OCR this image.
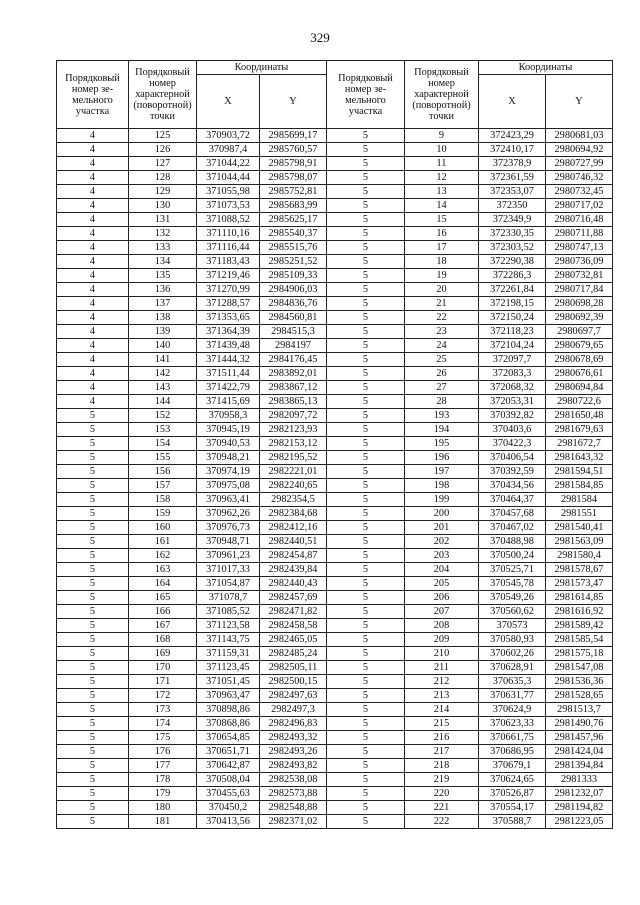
329
Порядковый номер зе-мельного участка	Порядковый номер характерной (поворотной) точки	Координаты		Порядковый номер зе-мельного участка	Порядковый номер характерной (поворотной) точки	Координаты	
		X	Y			X	Y
4	125	370903,72	2985699,17	5	9	372423,29	2980681,03
4	126	370987,4	2985760,57	5	10	372410,17	2980694,92
4	127	371044,22	2985798,91	5	11	372378,9	2980727,99
4	128	371044,44	2985798,07	5	12	372361,59	2980746,32
4	129	371055,98	2985752,81	5	13	372353,07	2980732,45
4	130	371073,53	2985683,99	5	14	372350	2980717,02
4	131	371088,52	2985625,17	5	15	372349,9	2980716,48
4	132	371110,16	2985540,37	5	16	372330,35	2980711,88
4	133	371116,44	2985515,76	5	17	372303,52	2980747,13
4	134	371183,43	2985251,52	5	18	372290,38	2980736,09
4	135	371219,46	2985109,33	5	19	372286,3	2980732,81
4	136	371270,99	2984906,03	5	20	372261,84	2980717,84
4	137	371288,57	2984836,76	5	21	372198,15	2980698,28
4	138	371353,65	2984560,81	5	22	372150,24	2980692,39
4	139	371364,39	2984515,3	5	23	372118,23	2980697,7
4	140	371439,48	2984197	5	24	372104,24	2980679,65
4	141	371444,32	2984176,45	5	25	372097,7	2980678,69
4	142	371511,44	2983892,01	5	26	372083,3	2980676,61
4	143	371422,79	2983867,12	5	27	372068,32	2980694,84
4	144	371415,69	2983865,13	5	28	372053,31	2980722,6
5	152	370958,3	2982097,72	5	193	370392,82	2981650,48
5	153	370945,19	2982123,93	5	194	370403,6	2981679,63
5	154	370940,53	2982153,12	5	195	370422,3	2981672,7
5	155	370948,21	2982195,52	5	196	370406,54	2981643,32
5	156	370974,19	2982221,01	5	197	370392,59	2981594,51
5	157	370975,08	2982240,65	5	198	370434,56	2981584,85
5	158	370963,41	2982354,5	5	199	370464,37	2981584
5	159	370962,26	2982384,68	5	200	370457,68	2981551
5	160	370976,73	2982412,16	5	201	370467,02	2981540,41
5	161	370948,71	2982440,51	5	202	370488,98	2981563,09
5	162	370961,23	2982454,87	5	203	370500,24	2981580,4
5	163	371017,33	2982439,84	5	204	370525,71	2981578,67
5	164	371054,87	2982440,43	5	205	370545,78	2981573,47
5	165	371078,7	2982457,69	5	206	370549,26	2981614,85
5	166	371085,52	2982471,82	5	207	370560,62	2981616,92
5	167	371123,58	2982458,58	5	208	370573	2981589,42
5	168	371143,75	2982465,05	5	209	370580,93	2981585,54
5	169	371159,31	2982485,24	5	210	370602,26	2981575,18
5	170	371123,45	2982505,11	5	211	370628,91	2981547,08
5	171	371051,45	2982500,15	5	212	370635,3	2981536,36
5	172	370963,47	2982497,63	5	213	370631,77	2981528,65
5	173	370898,86	2982497,3	5	214	370624,9	2981513,7
5	174	370868,86	2982496,83	5	215	370623,33	2981490,76
5	175	370654,85	2982493,32	5	216	370661,75	2981457,96
5	176	370651,71	2982493,26	5	217	370686,95	2981424,04
5	177	370642,87	2982493,82	5	218	370679,1	2981394,84
5	178	370508,04	2982538,08	5	219	370624,65	2981333
5	179	370455,63	2982573,88	5	220	370526,87	2981232,07
5	180	370450,2	2982548,88	5	221	370554,17	2981194,82
5	181	370413,56	2982371,02	5	222	370588,7	2981223,05
